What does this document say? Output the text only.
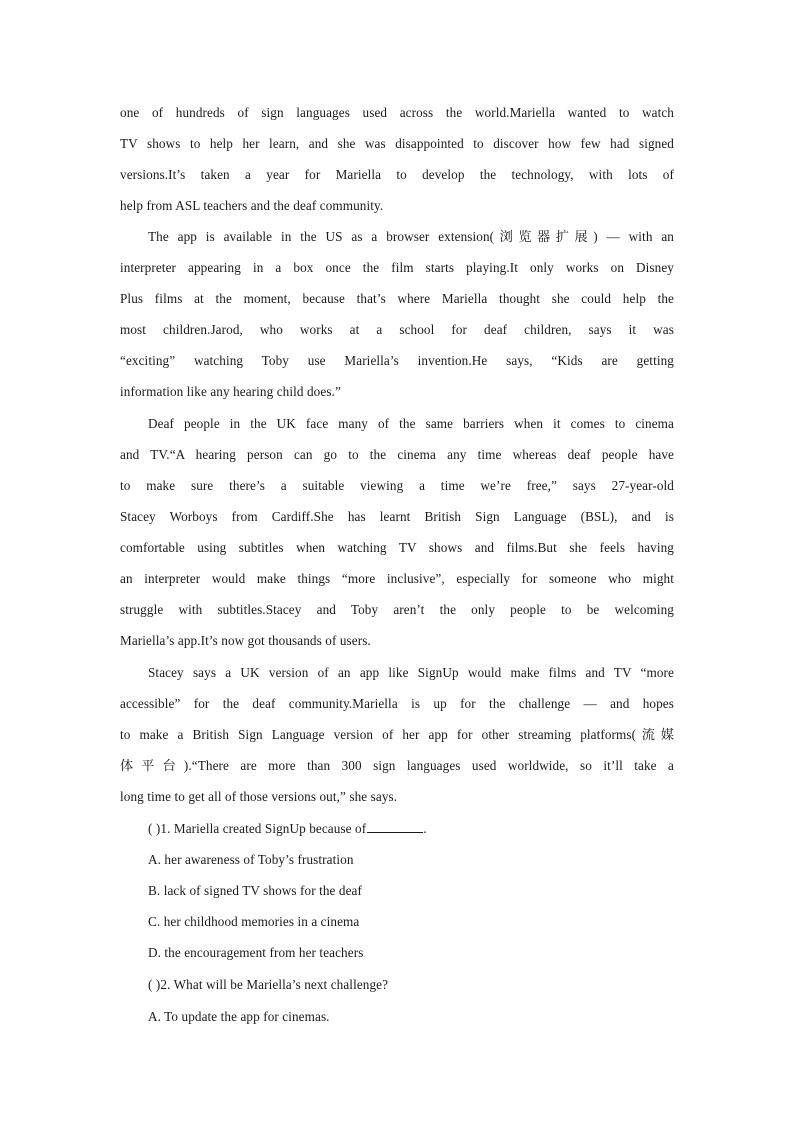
one of hundreds of sign languages used across the world.Mariella wanted to watch
TV shows to help her learn, and she was disappointed to discover how few had signed
versions.It’s taken a year for Mariella to develop the technology, with lots of
help from ASL teachers and the deaf community.
The app is available in the US as a browser extension(浏览器扩展) — with an
interpreter appearing in a box once the film starts playing.It only works on Disney
Plus films at the moment, because that’s where Mariella thought she could help the
most children.Jarod, who works at a school for deaf children, says it was
“exciting” watching Toby use Mariella’s invention.He says, “Kids are getting
information like any hearing child does.”
Deaf people in the UK face many of the same barriers when it comes to cinema
and TV.“A hearing person can go to the cinema any time whereas deaf people have
to make sure there’s a suitable viewing a time we’re free,” says 27-year-old
Stacey Worboys from Cardiff.She has learnt British Sign Language (BSL), and is
comfortable using subtitles when watching TV shows and films.But she feels having
an interpreter would make things “more inclusive”, especially for someone who might
struggle with subtitles.Stacey and Toby aren’t the only people to be welcoming
Mariella’s app.It’s now got thousands of users.
Stacey says a UK version of an app like SignUp would make films and TV “more
accessible” for the deaf community.Mariella is up for the challenge — and hopes
to make a British Sign Language version of her app for other streaming platforms(流媒
体平台).“There are more than 300 sign languages used worldwide, so it’ll take a
long time to get all of those versions out,” she says.
( )1. Mariella created SignUp because of	.
A. her awareness of Toby’s frustration
B. lack of signed TV shows for the deaf
C. her childhood memories in a cinema
D. the encouragement from her teachers
( )2. What will be Mariella’s next challenge?
A. To update the app for cinemas.
